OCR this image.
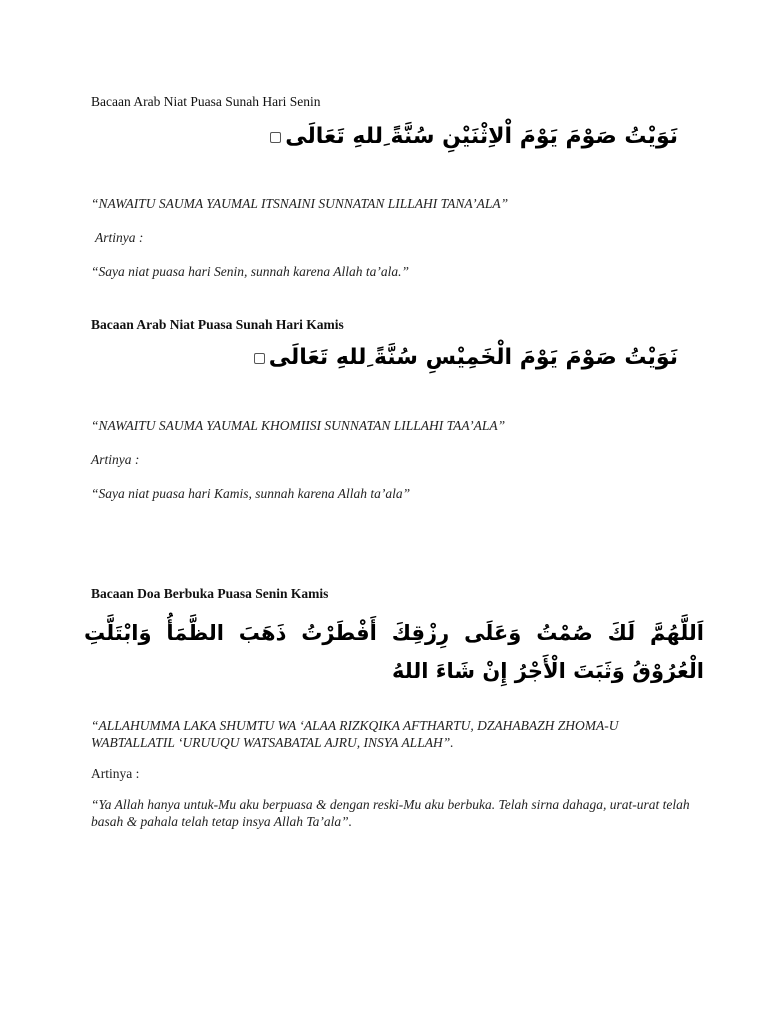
Bacaan Arab Niat Puasa Sunah Hari Senin
نَوَيْتُ صَوْمَ يَوْمَ اْلاِثْنَيْنِ سُنَّةً ِللهِ تَعَالَى
“NAWAITU SAUMA YAUMAL ITSNAINI SUNNATAN LILLAHI TANA’ALA”
Artinya :
“Saya niat puasa hari Senin, sunnah karena Allah ta’ala.”
Bacaan Arab Niat Puasa Sunah Hari Kamis
نَوَيْتُ صَوْمَ يَوْمَ الْخَمِيْسِ سُنَّةً ِللهِ تَعَالَى
“NAWAITU SAUMA YAUMAL KHOMIISI SUNNATAN LILLAHI TAA’ALA”
Artinya :
“Saya niat puasa hari Kamis, sunnah karena Allah ta’ala”
Bacaan Doa Berbuka Puasa Senin Kamis
اَللَّهُمَّ لَكَ صُمْتُ وَعَلَى رِزْقِكَ أَفْطَرْتُ ذَهَبَ الظَّمَأُ وَابْتَلَّتِ الْعُرُوْقُ وَثَبَتَ الْأَجْرُ إِنْ شَاءَ اللهُ
“ALLAHUMMA LAKA SHUMTU WA ‘ALAA RIZKQIKA AFTHARTU, DZAHABAZH ZHOMA-U WABTALLATIL ‘URUUQU WATSABATAL AJRU, INSYA ALLAH”.
Artinya :
“Ya Allah hanya untuk-Mu aku berpuasa & dengan reski-Mu aku berbuka. Telah sirna dahaga, urat-urat telah basah & pahala telah tetap insya Allah Ta’ala”.
